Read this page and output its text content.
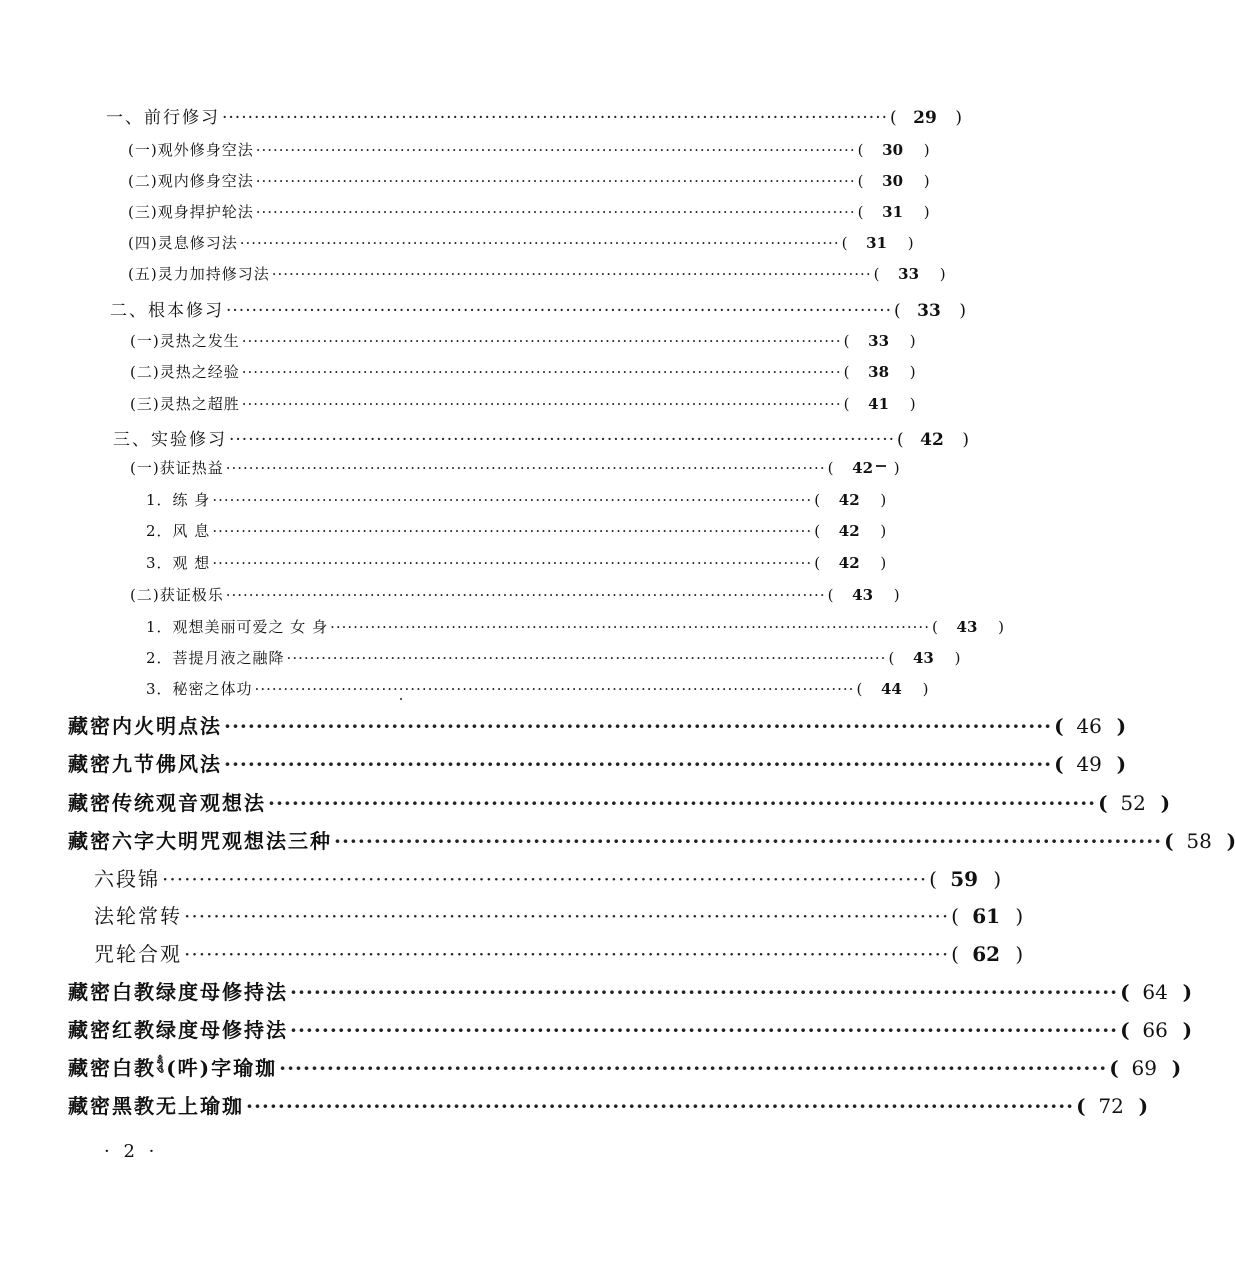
一、前行修习 ········································································································ ( 29	)
(一)观外修身空法 ········································································································ (	30	)
(二)观内修身空法 ········································································································ (	30	)
(三)观身捍护轮法 ········································································································ (	31	)
(四)灵息修习法 ········································································································ (	31	)
(五)灵力加持修习法 ········································································································ (	33	)
二、根本修习 ········································································································ ( 33	)
(一)灵热之发生 ········································································································ (	33	)
(二)灵热之经验 ········································································································ (	38	)
(三)灵热之超胜 ········································································································ (	41	)
三、实验修习 ········································································································ ( 42	)
(一)获证热益 ········································································································ (	42	)
1．练 身 ········································································································ (	42	)
2．风 息 ········································································································ (	42	)
3．观 想 ········································································································ (	42	)
(二)获证极乐 ········································································································ (	43	)
1．观想美丽可爱之 女 身 ········································································································ (	43	)
2．菩提月液之融降 ········································································································ (	43	)
3．秘密之体功 ········································································································ (	44	)
藏密内火明点法 ········································································································ ( 46 )
藏密九节佛风法 ········································································································ ( 49 )
藏密传统观音观想法 ········································································································ ( 52 )
藏密六字大明咒观想法三种 ········································································································ ( 58 )
六段锦 ········································································································ ( 59 )
法轮常转 ········································································································ ( 61 )
咒轮合观 ········································································································ ( 62 )
藏密白教绿度母修持法 ········································································································ ( 64 )
藏密红教绿度母修持法 ········································································································ ( 66 )
藏密白教$^{ཧཱུྃ}$(吽)字瑜珈 ········································································································ ( 69 )
藏密黑教无上瑜珈 ········································································································ ( 72 )
· 2 ·
